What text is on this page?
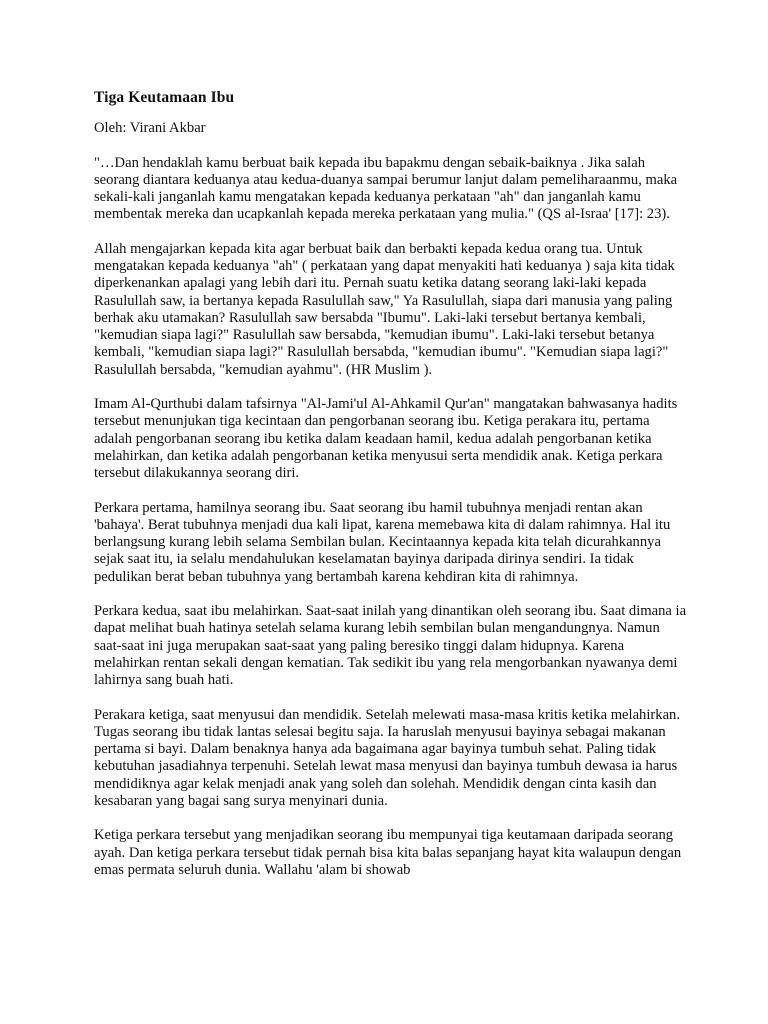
Tiga Keutamaan Ibu
Oleh: Virani Akbar

"…Dan hendaklah kamu berbuat baik kepada ibu bapakmu dengan sebaik-baiknya . Jika salah seorang diantara keduanya atau kedua-duanya sampai berumur lanjut dalam pemeliharaanmu, maka sekali-kali janganlah kamu mengatakan kepada keduanya perkataan "ah" dan janganlah kamu membentak mereka dan ucapkanlah kepada mereka perkataan yang mulia." (QS al-Israa' [17]: 23).

Allah mengajarkan kepada kita agar berbuat baik dan berbakti kepada kedua orang tua. Untuk mengatakan kepada keduanya "ah" ( perkataan yang dapat menyakiti hati keduanya ) saja kita tidak diperkenankan apalagi yang lebih dari itu. Pernah suatu ketika datang seorang laki-laki kepada Rasulullah saw, ia bertanya kepada Rasulullah saw," Ya Rasulullah, siapa dari manusia yang paling berhak aku utamakan? Rasulullah saw bersabda "Ibumu". Laki-laki tersebut bertanya kembali, "kemudian siapa lagi?" Rasulullah saw bersabda, "kemudian ibumu". Laki-laki tersebut betanya kembali, "kemudian siapa lagi?" Rasulullah bersabda, "kemudian ibumu". "Kemudian siapa lagi?" Rasulullah bersabda, "kemudian ayahmu". (HR Muslim ).

Imam Al-Qurthubi dalam tafsirnya "Al-Jami'ul Al-Ahkamil Qur'an" mangatakan bahwasanya hadits tersebut menunjukan tiga kecintaan dan pengorbanan seorang ibu. Ketiga perakara itu, pertama adalah pengorbanan seorang ibu ketika dalam keadaan hamil, kedua adalah pengorbanan ketika melahirkan, dan ketika adalah pengorbanan ketika menyusui serta mendidik anak. Ketiga perkara tersebut dilakukannya seorang diri.

Perkara pertama, hamilnya seorang ibu. Saat seorang ibu hamil tubuhnya menjadi rentan akan 'bahaya'. Berat tubuhnya menjadi dua kali lipat, karena memebawa kita di dalam rahimnya. Hal itu berlangsung kurang lebih selama Sembilan bulan. Kecintaannya kepada kita telah dicurahkannya sejak saat itu, ia selalu mendahulukan keselamatan bayinya daripada dirinya sendiri. Ia tidak pedulikan berat beban tubuhnya yang bertambah karena kehdiran kita di rahimnya.

Perkara kedua, saat ibu melahirkan. Saat-saat inilah yang dinantikan oleh seorang ibu. Saat dimana ia dapat melihat buah hatinya setelah selama kurang lebih sembilan bulan mengandungnya. Namun saat-saat ini juga merupakan saat-saat yang paling beresiko tinggi dalam hidupnya. Karena melahirkan rentan sekali dengan kematian. Tak sedikit ibu yang rela mengorbankan nyawanya demi lahirnya sang buah hati.

Perakara ketiga, saat menyusui dan mendidik. Setelah melewati masa-masa kritis ketika melahirkan. Tugas seorang ibu tidak lantas selesai begitu saja. Ia haruslah menyusui bayinya sebagai makanan pertama si bayi. Dalam benaknya hanya ada bagaimana agar bayinya tumbuh sehat. Paling tidak kebutuhan jasadiahnya terpenuhi. Setelah lewat masa menyusi dan bayinya tumbuh dewasa ia harus mendidiknya agar kelak menjadi anak yang soleh dan solehah. Mendidik dengan cinta kasih dan kesabaran yang bagai sang surya menyinari dunia.

Ketiga perkara tersebut yang menjadikan seorang ibu mempunyai tiga keutamaan daripada seorang ayah. Dan ketiga perkara tersebut tidak pernah bisa kita balas sepanjang hayat kita walaupun dengan emas permata seluruh dunia. Wallahu 'alam bi showab
